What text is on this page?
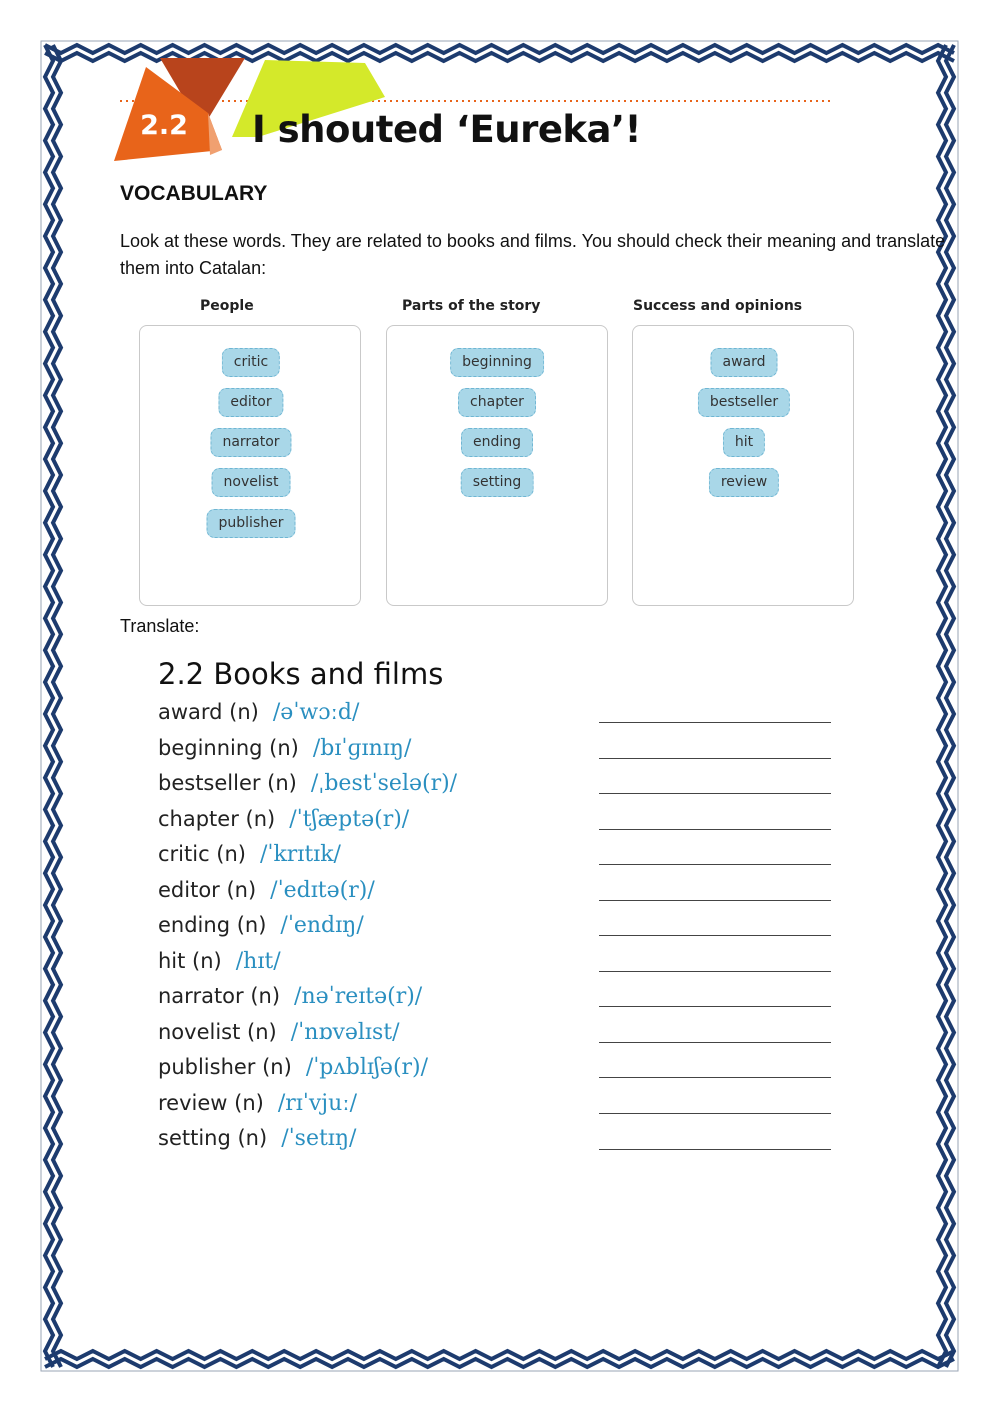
2.2 I shouted ‘Eureka’!
VOCABULARY
Look at these words. They are related to books and films. You should check their meaning and translate them into Catalan:
People	Parts of the story	Success and opinions
critic
editor
narrator
novelist
publisher
beginning
chapter
ending
setting
award
bestseller
hit
review
Translate:
2.2 Books and films
award (n) /əˈwɔːd/
beginning (n) /bɪˈɡɪnɪŋ/
bestseller (n) /ˌbestˈselə(r)/
chapter (n) /ˈtʃæptə(r)/
critic (n) /ˈkrɪtɪk/
editor (n) /ˈedɪtə(r)/
ending (n) /ˈendɪŋ/
hit (n) /hɪt/
narrator (n) /nəˈreɪtə(r)/
novelist (n) /ˈnɒvəlɪst/
publisher (n) /ˈpʌblɪʃə(r)/
review (n) /rɪˈvjuː/
setting (n) /ˈsetɪŋ/
